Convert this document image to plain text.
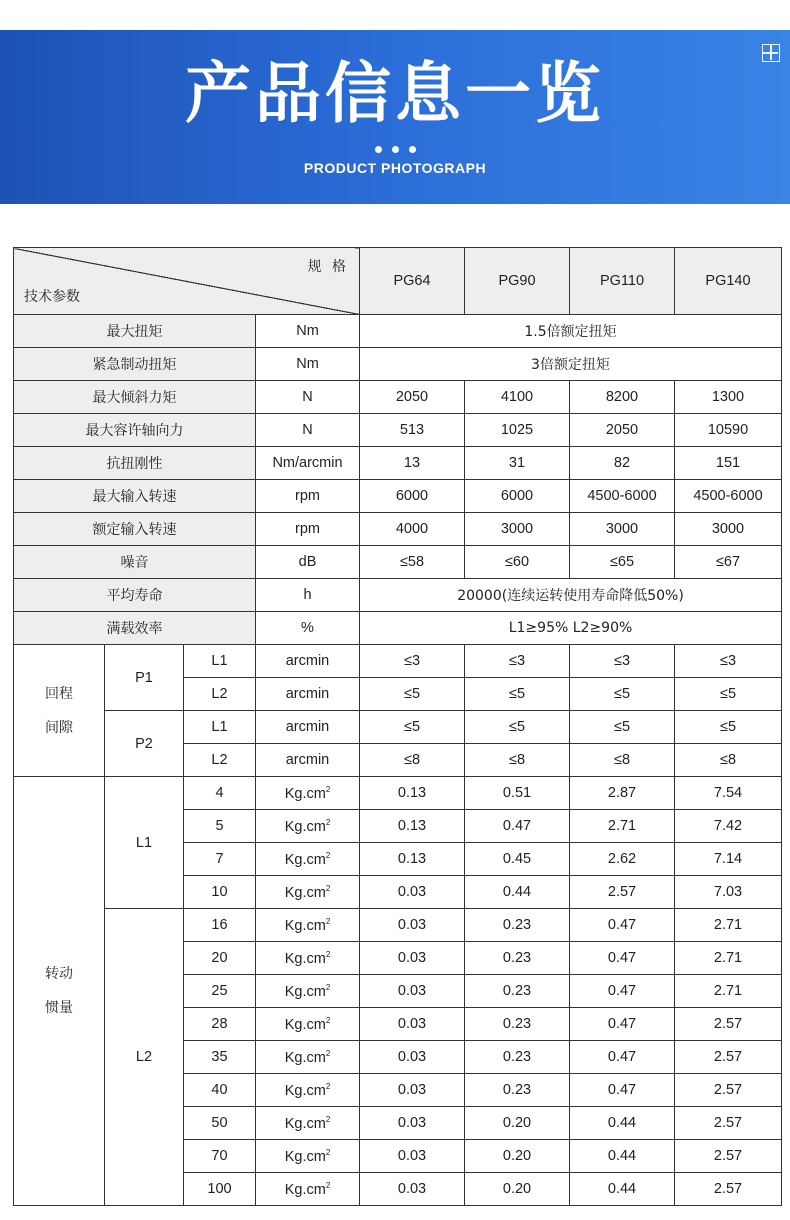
产品信息一览
PRODUCT PHOTOGRAPH
规 格
技术参数				PG64	PG90	PG110	PG140
最大扭矩			Nm	1.5倍额定扭矩			
紧急制动扭矩			Nm	3倍额定扭矩			
最大倾斜力矩			N	2050	4100	8200	1300
最大容许轴向力			N	513	1025	2050	10590
抗扭刚性			Nm/arcmin	13	31	82	151
最大输入转速			rpm	6000	6000	4500-6000	4500-6000
额定输入转速			rpm	4000	3000	3000	3000
噪音			dB	≤58	≤60	≤65	≤67
平均寿命			h	20000(连续运转使用寿命降低50%)			
满载效率			%	L1≥95% L2≥90%			

回程
间隙	P1	L1	arcmin	≤3	≤3	≤3	≤3
		L2	arcmin	≤5	≤5	≤5	≤5
	P2	L1	arcmin	≤5	≤5	≤5	≤5
		L2	arcmin	≤8	≤8	≤8	≤8

转动
惯量	L1	4	$Kg.cm^2$	0.13	0.51	2.87	7.54
		5	$Kg.cm^2$	0.13	0.47	2.71	7.42
		7	$Kg.cm^2$	0.13	0.45	2.62	7.14
		10	$Kg.cm^2$	0.03	0.44	2.57	7.03
	L2	16	$Kg.cm^2$	0.03	0.23	0.47	2.71
		20	$Kg.cm^2$	0.03	0.23	0.47	2.71
		25	$Kg.cm^2$	0.03	0.23	0.47	2.71
		28	$Kg.cm^2$	0.03	0.23	0.47	2.57
		35	$Kg.cm^2$	0.03	0.23	0.47	2.57
		40	$Kg.cm^2$	0.03	0.23	0.47	2.57
		50	$Kg.cm^2$	0.03	0.20	0.44	2.57
		70	$Kg.cm^2$	0.03	0.20	0.44	2.57
		100	$Kg.cm^2$	0.03	0.20	0.44	2.57
